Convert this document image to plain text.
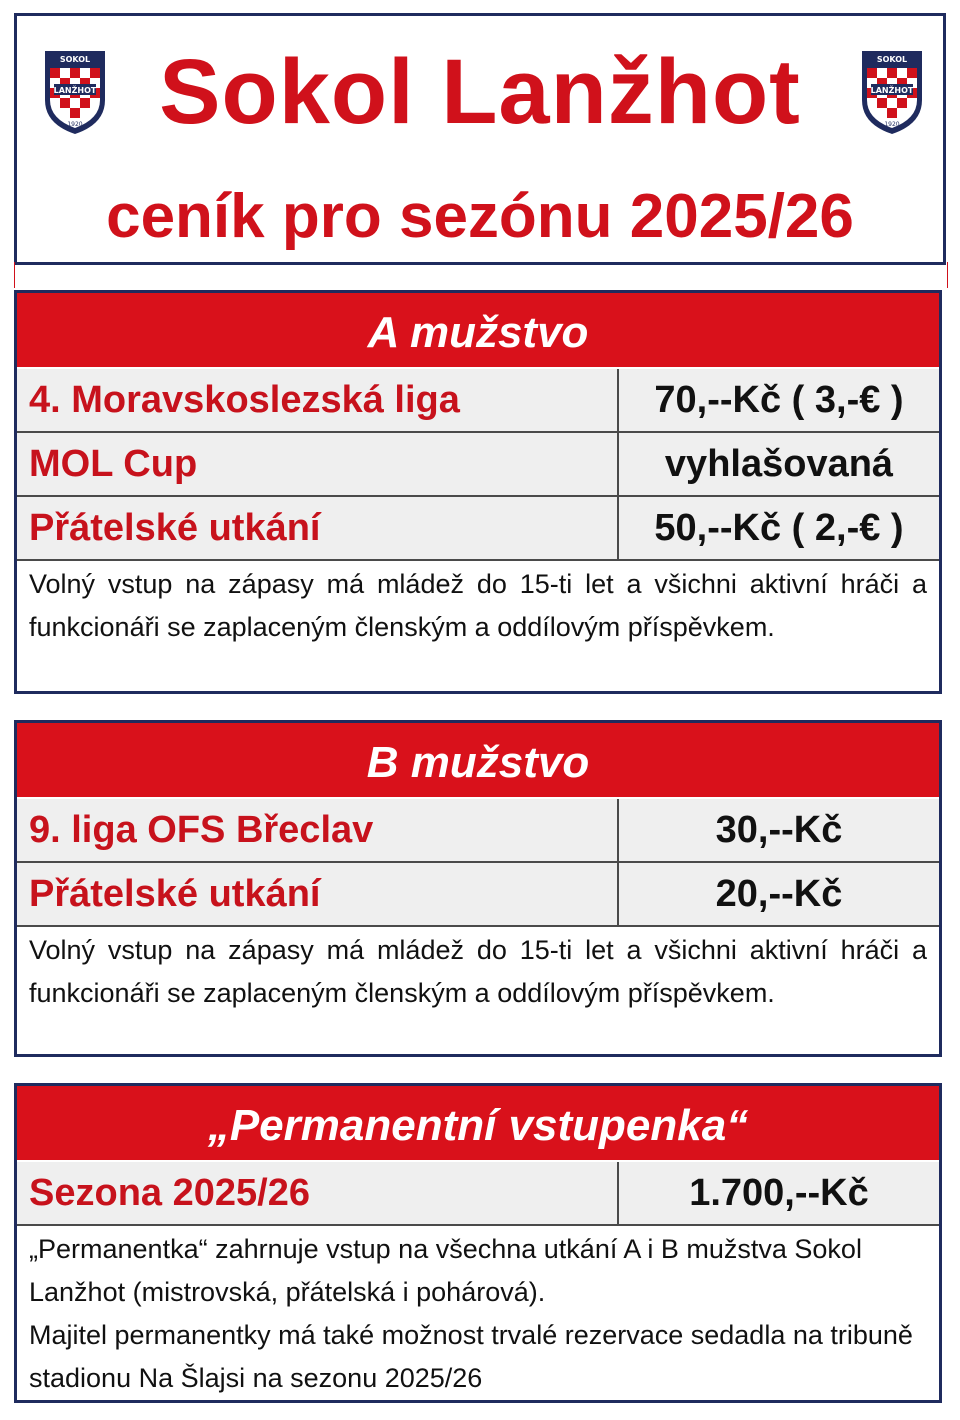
SOKOL
LANŽHOT
1920 Sokol Lanžhot	SOKOL
LANŽHOT
1920
ceník pro sezónu 2025/26
A mužstvo
4. Moravskoslezská liga	70,--Kč ( 3,-€ )
MOL Cup	vyhlašovaná
Přátelské utkání	50,--Kč ( 2,-€ )
Volný vstup na zápasy má mládež do 15-ti let a všichni aktivní hráči a funkcionáři se zaplaceným členským a oddílovým příspěvkem.
B mužstvo
9. liga OFS Břeclav	30,--Kč
Přátelské utkání	20,--Kč
Volný vstup na zápasy má mládež do 15-ti let a všichni aktivní hráči a funkcionáři se zaplaceným členským a oddílovým příspěvkem.
„Permanentní vstupenka“
Sezona 2025/26	1.700,--Kč
„Permanentka“ zahrnuje vstup na všechna utkání A i B mužstva Sokol Lanžhot (mistrovská, přátelská i pohárová).
Majitel permanentky má také možnost trvalé rezervace sedadla na tribuně stadionu Na Šlajsi na sezonu 2025/26
